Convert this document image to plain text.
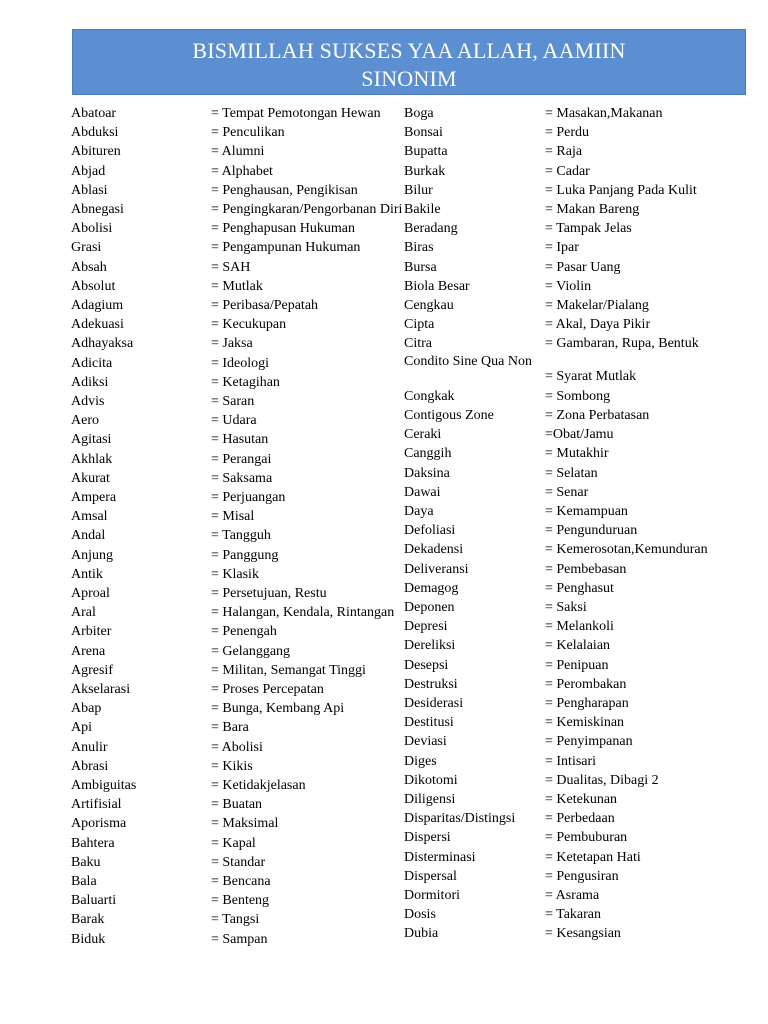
BISMILLAH SUKSES YAA ALLAH, AAMIIN
SINONIM
Abatoar	= Tempat Pemotongan Hewan
Abduksi	= Penculikan
Abituren	= Alumni
Abjad	= Alphabet
Ablasi	= Penghausan, Pengikisan
Abnegasi	= Pengingkaran/Pengorbanan Diri
Abolisi	= Penghapusan Hukuman
Grasi	= Pengampunan Hukuman
Absah	= SAH
Absolut	= Mutlak
Adagium	= Peribasa/Pepatah
Adekuasi	= Kecukupan
Adhayaksa	= Jaksa
Adicita	= Ideologi
Adiksi	= Ketagihan
Advis	= Saran
Aero	= Udara
Agitasi	= Hasutan
Akhlak	= Perangai
Akurat	= Saksama
Ampera	= Perjuangan
Amsal	= Misal
Andal	= Tangguh
Anjung	= Panggung
Antik	= Klasik
Aproal	= Persetujuan, Restu
Aral	= Halangan, Kendala, Rintangan
Arbiter	= Penengah
Arena	= Gelanggang
Agresif	= Militan, Semangat Tinggi
Akselarasi	= Proses Percepatan
Abap	= Bunga, Kembang Api
Api	= Bara
Anulir	= Abolisi
Abrasi	= Kikis
Ambiguitas	= Ketidakjelasan
Artifisial	= Buatan
Aporisma	= Maksimal
Bahtera	= Kapal
Baku	= Standar
Bala	= Bencana
Baluarti	= Benteng
Barak	= Tangsi
Biduk	= Sampan
Boga	= Masakan,Makanan
Bonsai	= Perdu
Bupatta	= Raja
Burkak	= Cadar
Bilur	= Luka Panjang Pada Kulit
Bakile	= Makan Bareng
Beradang	= Tampak Jelas
Biras	= Ipar
Bursa	= Pasar Uang
Biola Besar	= Violin
Cengkau	= Makelar/Pialang
Cipta	= Akal, Daya Pikir
Citra	= Gambaran, Rupa, Bentuk
Condito Sine Qua Non
= Syarat Mutlak
Congkak	= Sombong
Contigous Zone	= Zona Perbatasan
Ceraki	=Obat/Jamu
Canggih	= Mutakhir
Daksina	= Selatan
Dawai	= Senar
Daya	= Kemampuan
Defoliasi	= Pengunduruan
Dekadensi	= Kemerosotan,Kemunduran
Deliveransi	= Pembebasan
Demagog	= Penghasut
Deponen	= Saksi
Depresi	= Melankoli
Dereliksi	= Kelalaian
Desepsi	= Penipuan
Destruksi	= Perombakan
Desiderasi	= Pengharapan
Destitusi	= Kemiskinan
Deviasi	= Penyimpanan
Diges	= Intisari
Dikotomi	= Dualitas, Dibagi 2
Diligensi	= Ketekunan
Disparitas/Distingsi = Perbedaan
Dispersi	= Pembuburan
Disterminasi	= Ketetapan Hati
Dispersal	= Pengusiran
Dormitori	= Asrama
Dosis	= Takaran
Dubia	= Kesangsian
